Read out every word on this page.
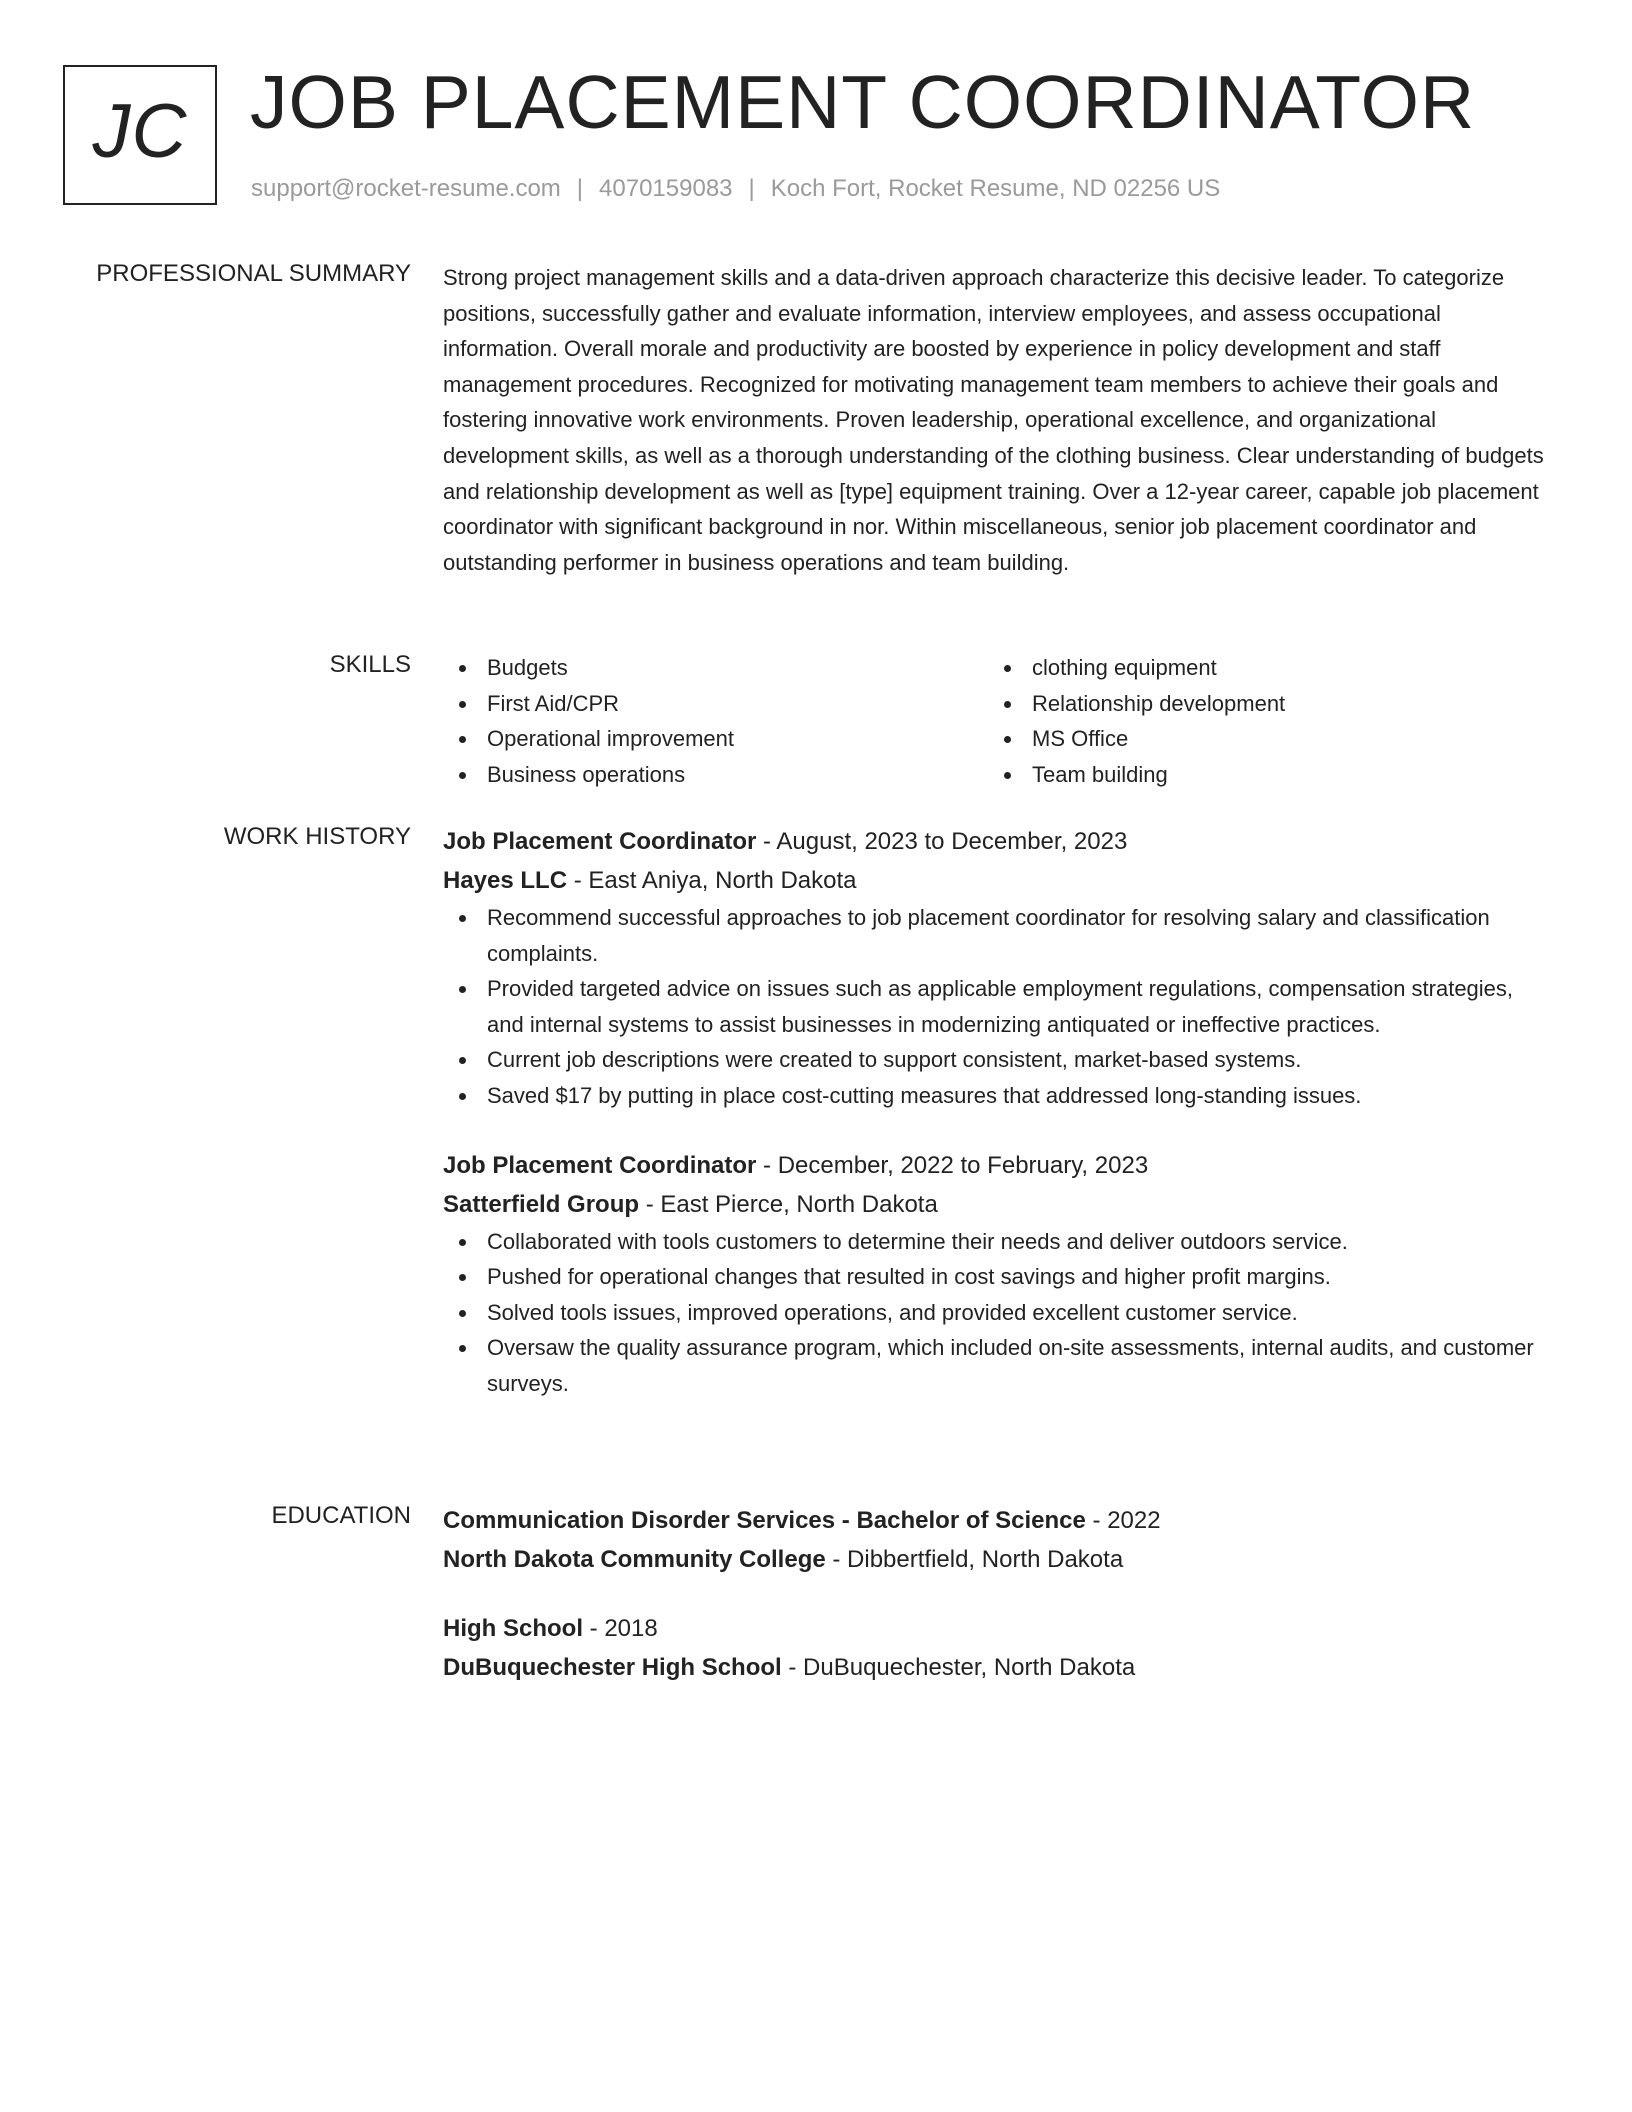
JC JOB PLACEMENT COORDINATOR
support@rocket-resume.com | 4070159083 | Koch Fort, Rocket Resume, ND 02256 US
PROFESSIONAL SUMMARY Strong project management skills and a data-driven approach characterize this decisive leader. To categorize positions, successfully gather and evaluate information, interview employees, and assess occupational information. Overall morale and productivity are boosted by experience in policy development and staff management procedures. Recognized for motivating management team members to achieve their goals and fostering innovative work environments. Proven leadership, operational excellence, and organizational development skills, as well as a thorough understanding of the clothing business. Clear understanding of budgets and relationship development as well as [type] equipment training. Over a 12-year career, capable job placement coordinator with significant background in nor. Within miscellaneous, senior job placement coordinator and outstanding performer in business operations and team building.

SKILLS	Budgets
First Aid/CPR
Operational improvement
Business operations
clothing equipment
Relationship development
MS Office
Team building
WORK HISTORY Job Placement Coordinator - August, 2023 to December, 2023
Hayes LLC - East Aniya, North Dakota
Recommend successful approaches to job placement coordinator for resolving salary and classification complaints.
Provided targeted advice on issues such as applicable employment regulations, compensation strategies, and internal systems to assist businesses in modernizing antiquated or ineffective practices.
Current job descriptions were created to support consistent, market-based systems.
Saved $17 by putting in place cost-cutting measures that addressed long-standing issues.
Job Placement Coordinator - December, 2022 to February, 2023
Satterfield Group - East Pierce, North Dakota
Collaborated with tools customers to determine their needs and deliver outdoors service.
Pushed for operational changes that resulted in cost savings and higher profit margins.
Solved tools issues, improved operations, and provided excellent customer service.
Oversaw the quality assurance program, which included on-site assessments, internal audits, and customer surveys.
EDUCATION Communication Disorder Services - Bachelor of Science - 2022
North Dakota Community College - Dibbertfield, North Dakota
High School - 2018
DuBuquechester High School - DuBuquechester, North Dakota
